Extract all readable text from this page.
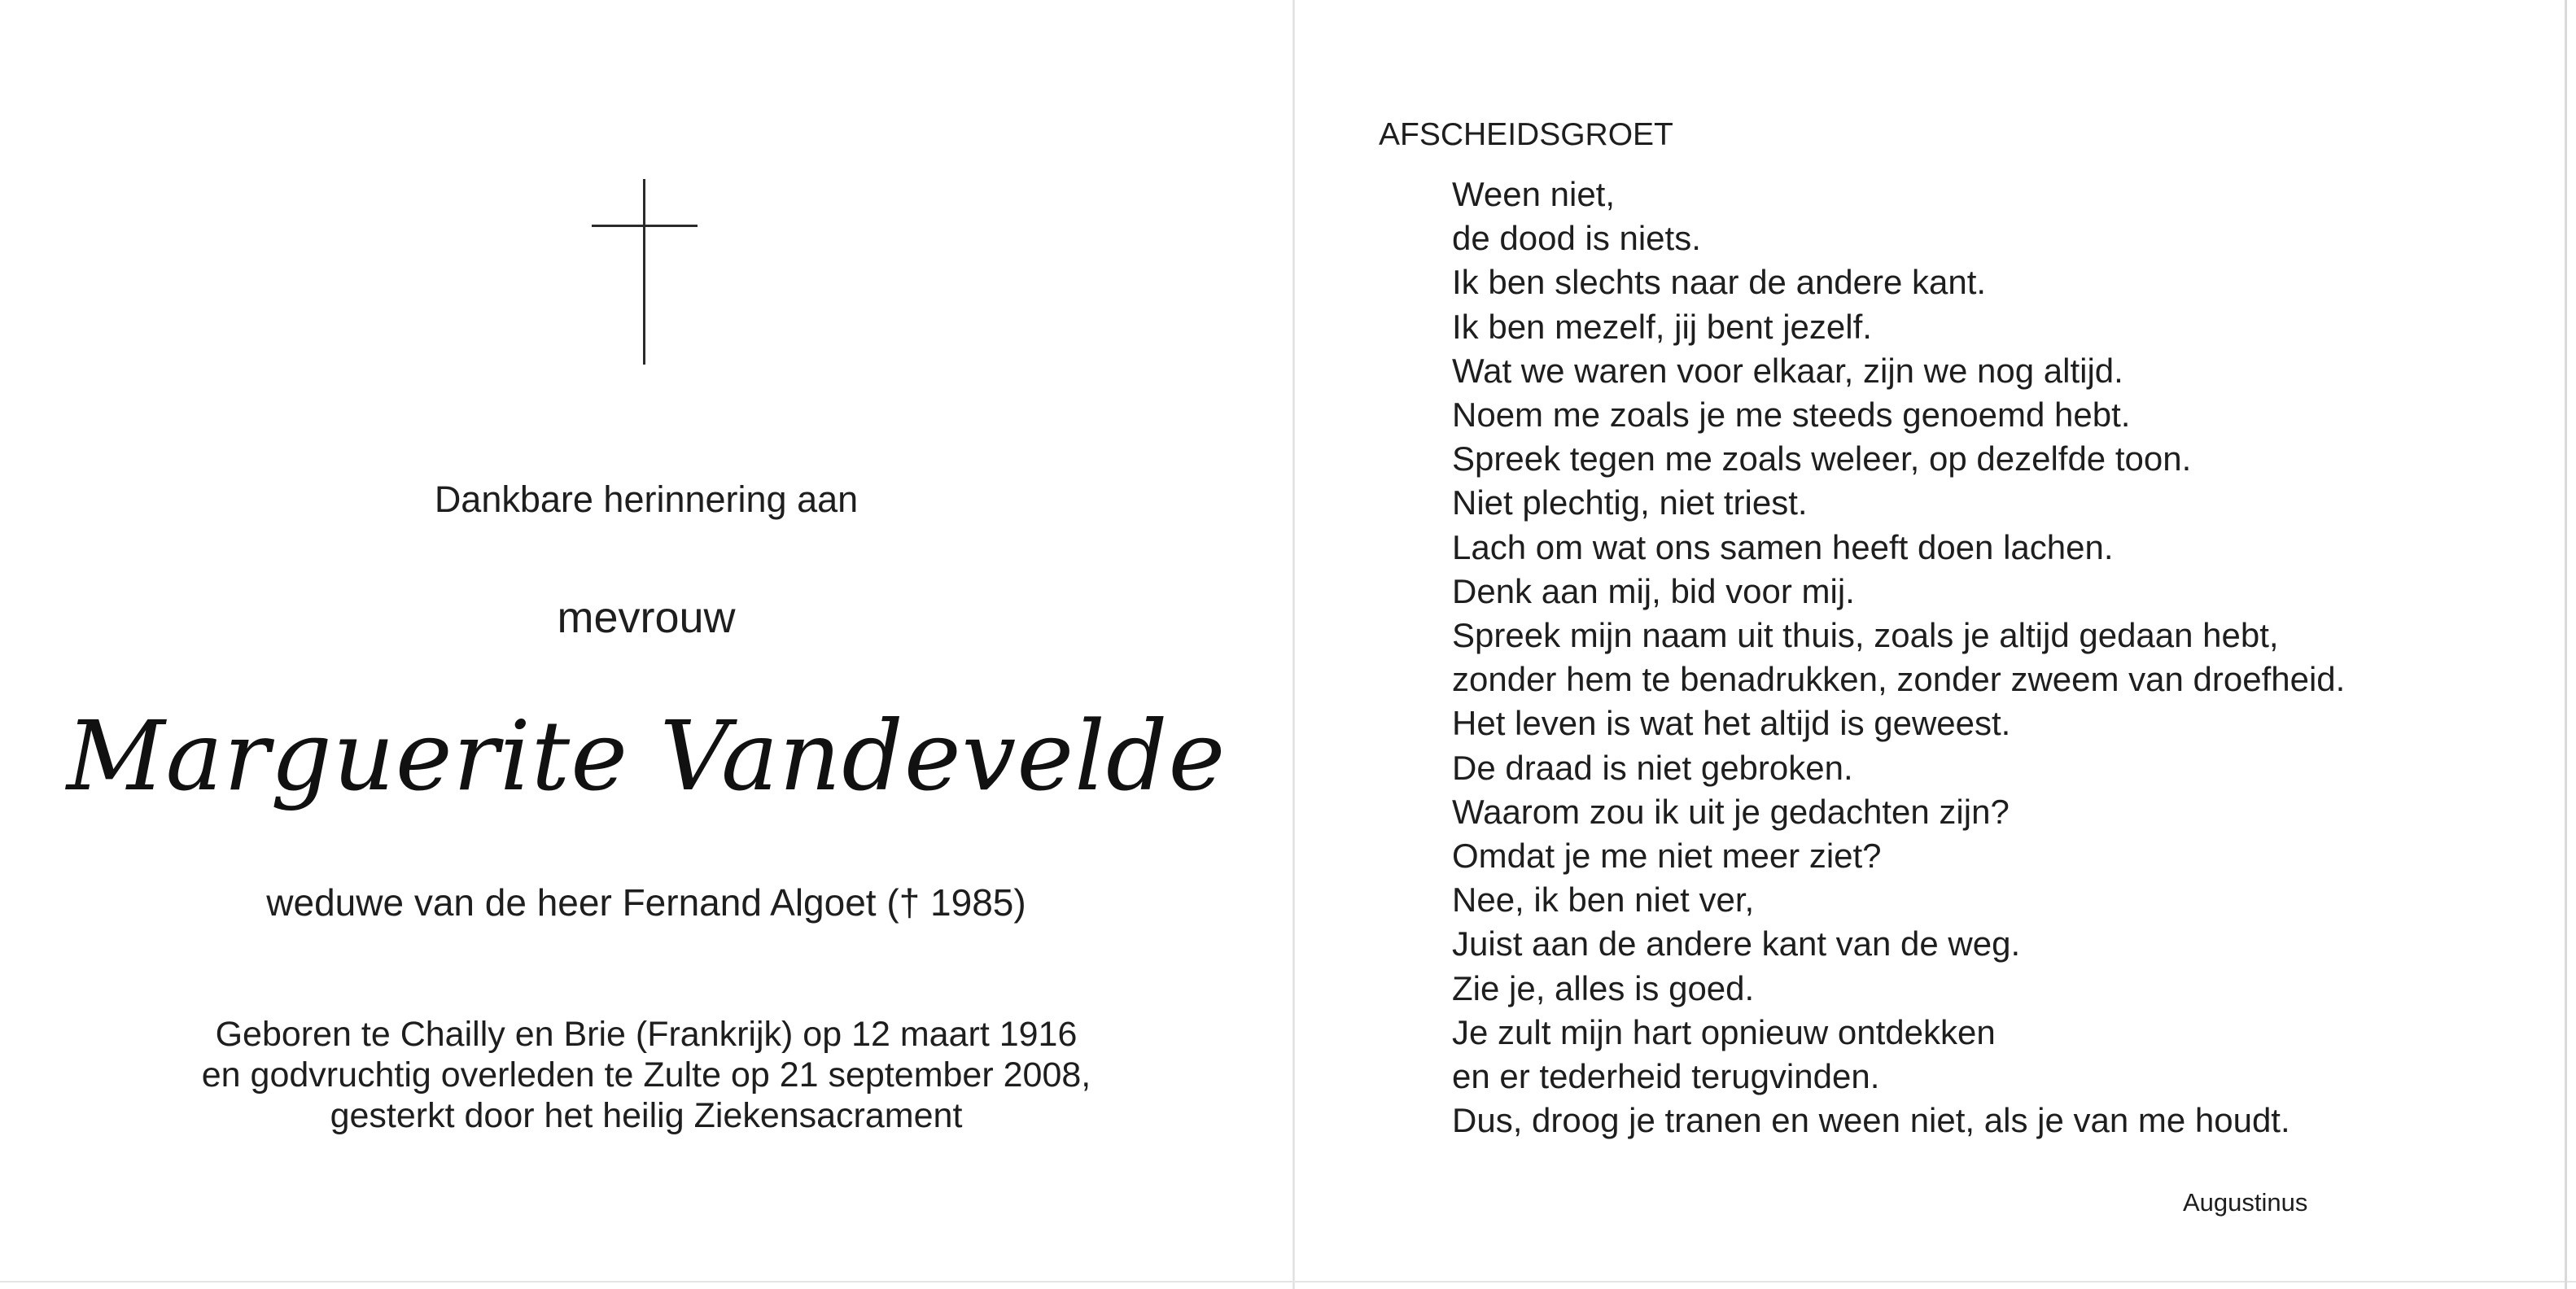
Dankbare herinnering aan
mevrouw
Marguerite Vandevelde
weduwe van de heer Fernand Algoet († 1985)
Geboren te Chailly en Brie (Frankrijk) op 12 maart 1916
en godvruchtig overleden te Zulte op 21 september 2008,
gesterkt door het heilig Ziekensacrament
AFSCHEIDSGROET
Ween niet,
de dood is niets.
Ik ben slechts naar de andere kant.
Ik ben mezelf, jij bent jezelf.
Wat we waren voor elkaar, zijn we nog altijd.
Noem me zoals je me steeds genoemd hebt.
Spreek tegen me zoals weleer, op dezelfde toon.
Niet plechtig, niet triest.
Lach om wat ons samen heeft doen lachen.
Denk aan mij, bid voor mij.
Spreek mijn naam uit thuis, zoals je altijd gedaan hebt,
zonder hem te benadrukken, zonder zweem van droefheid.
Het leven is wat het altijd is geweest.
De draad is niet gebroken.
Waarom zou ik uit je gedachten zijn?
Omdat je me niet meer ziet?
Nee, ik ben niet ver,
Juist aan de andere kant van de weg.
Zie je, alles is goed.
Je zult mijn hart opnieuw ontdekken
en er tederheid terugvinden.
Dus, droog je tranen en ween niet, als je van me houdt.
Augustinus
